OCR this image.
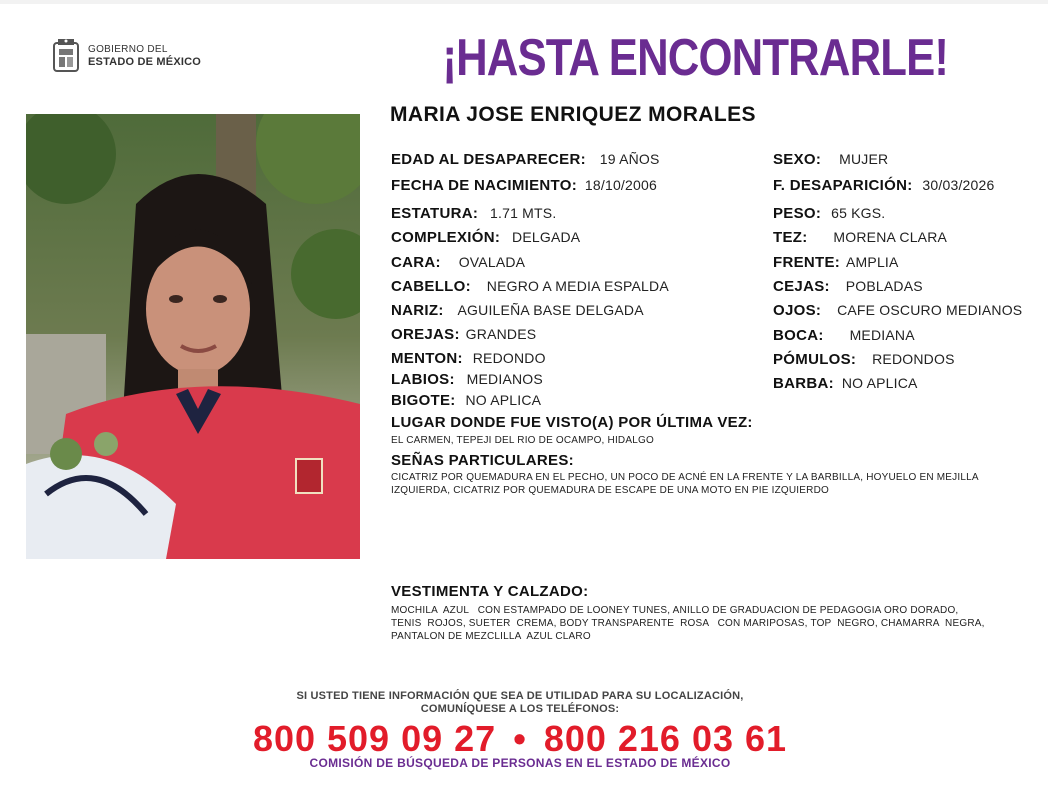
GOBIERNO DEL
ESTADO DE MÉXICO	¡HASTA ENCONTRARLE!
MARIA JOSE ENRIQUEZ MORALES
EDAD AL DESAPARECER: 19 AÑOS
FECHA DE NACIMIENTO: 18/10/2006
ESTATURA: 1.71 MTS.
COMPLEXIÓN: DELGADA
CARA: OVALADA
CABELLO: NEGRO A MEDIA ESPALDA
NARIZ: AGUILEÑA BASE DELGADA
OREJAS: GRANDES
MENTON: REDONDO
LABIOS: MEDIANOS
BIGOTE: NO APLICA
SEXO: MUJER
F. DESAPARICIÓN: 30/03/2026
PESO: 65 KGS.
TEZ: MORENA CLARA
FRENTE: AMPLIA
CEJAS: POBLADAS
OJOS: CAFE OSCURO MEDIANOS
BOCA: MEDIANA
PÓMULOS: REDONDOS
BARBA: NO APLICA
LUGAR DONDE FUE VISTO(A) POR ÚLTIMA VEZ:
EL CARMEN, TEPEJI DEL RIO DE OCAMPO, HIDALGO
SEÑAS PARTICULARES:
CICATRIZ POR QUEMADURA EN EL PECHO, UN POCO DE ACNÉ EN LA FRENTE Y LA BARBILLA, HOYUELO EN MEJILLA
IZQUIERDA, CICATRIZ POR QUEMADURA DE ESCAPE DE UNA MOTO EN PIE IZQUIERDO
VESTIMENTA Y CALZADO:
MOCHILA  AZUL   CON ESTAMPADO DE LOONEY TUNES, ANILLO DE GRADUACION DE PEDAGOGIA ORO DORADO,
TENIS  ROJOS, SUETER  CREMA, BODY TRANSPARENTE  ROSA   CON MARIPOSAS, TOP  NEGRO, CHAMARRA  NEGRA,
PANTALON DE MEZCLILLA  AZUL CLARO
SI USTED TIENE INFORMACIÓN QUE SEA DE UTILIDAD PARA SU LOCALIZACIÓN,
COMUNÍQUESE A LOS TELÉFONOS:
800 509 09 27 • 800 216 03 61
COMISIÓN DE BÚSQUEDA DE PERSONAS EN EL ESTADO DE MÉXICO
